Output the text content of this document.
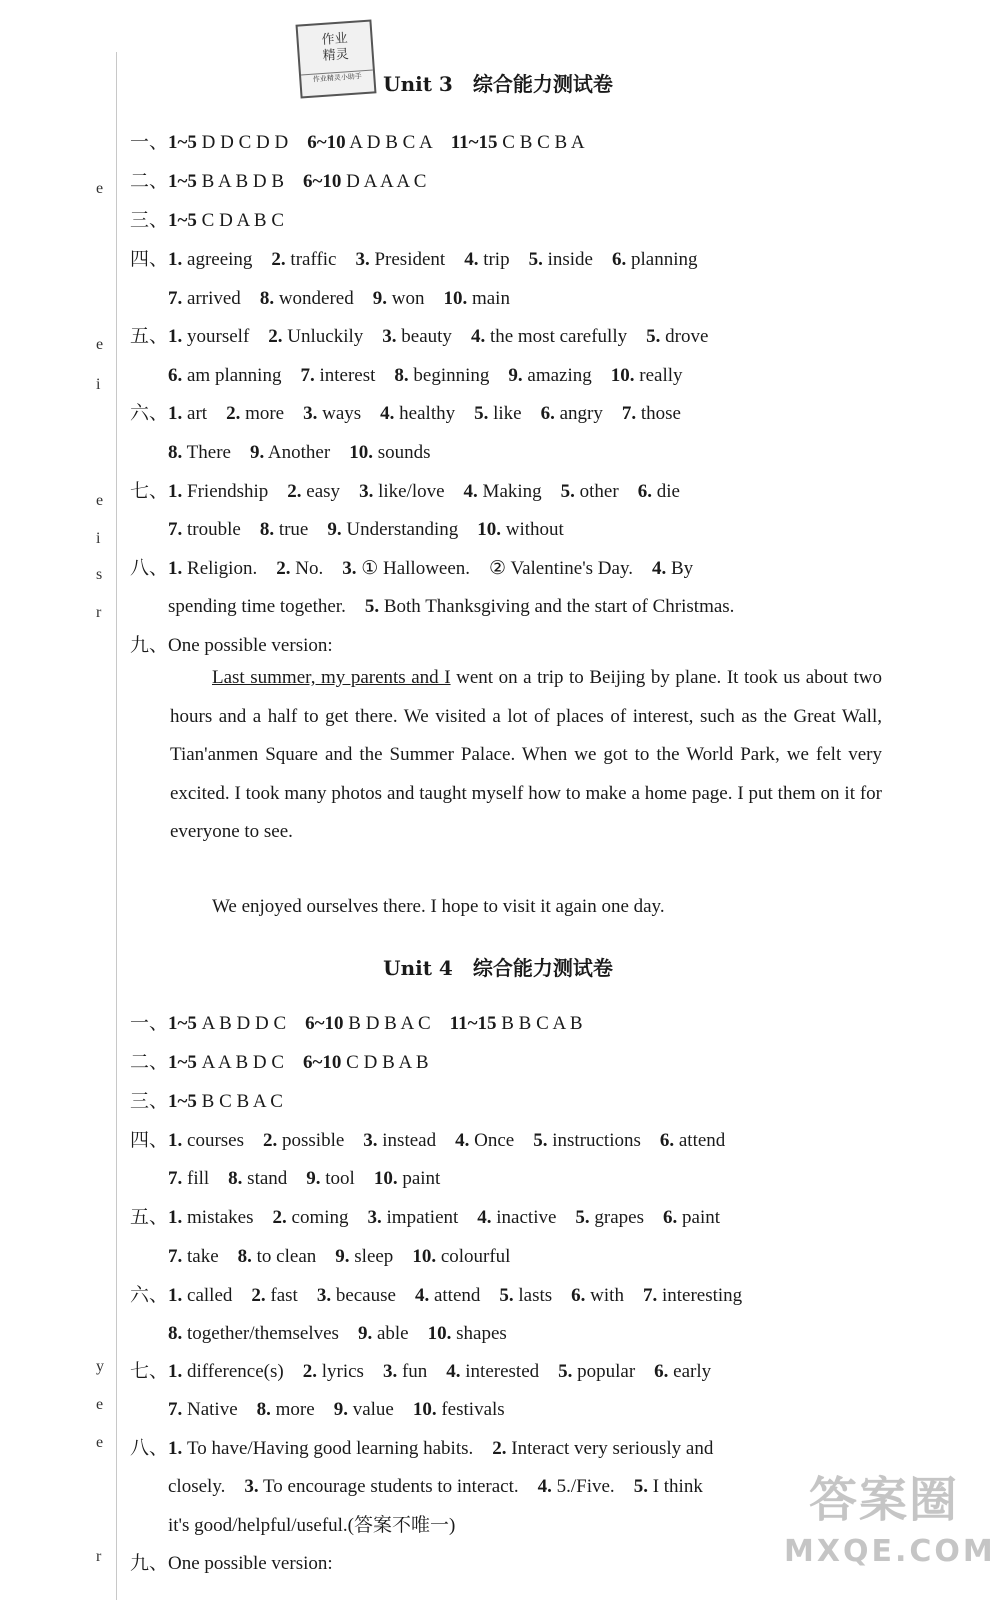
e
e
i
e
i
s
r
y
e
e
r
作业
精灵
作业精灵小助手	Unit 3　综合能力测试卷
一、1~5 D D C D D　6~10 A D B C A　11~15 C B C B A
二、1~5 B A B D B　6~10 D A A A C
三、1~5 C D A B C
四、1. agreeing　2. traffic　3. President　4. trip　5. inside　6. planning
7. arrived　8. wondered　9. won　10. main
五、1. yourself　2. Unluckily　3. beauty　4. the most carefully　5. drove
6. am planning　7. interest　8. beginning　9. amazing　10. really
六、1. art　2. more　3. ways　4. healthy　5. like　6. angry　7. those
8. There　9. Another　10. sounds
七、1. Friendship　2. easy　3. like/love　4. Making　5. other　6. die
7. trouble　8. true　9. Understanding　10. without
八、1. Religion.　2. No.　3. ① Halloween.　② Valentine's Day.　4. By
spending time together.　5. Both Thanksgiving and the start of Christmas.
九、One possible version:
Last summer, my parents and I went on a trip to Beijing by plane. It took us about two hours and a half to get there. We visited a lot of places of interest, such as the Great Wall, Tian'anmen Square and the Summer Palace. When we got to the World Park, we felt very excited. I took many photos and taught myself how to make a home page. I put them on it for everyone to see.
We enjoyed ourselves there. I hope to visit it again one day.
Unit 4　综合能力测试卷
一、1~5 A B D D C　6~10 B D B A C　11~15 B B C A B
二、1~5 A A B D C　6~10 C D B A B
三、1~5 B C B A C
四、1. courses　2. possible　3. instead　4. Once　5. instructions　6. attend
7. fill　8. stand　9. tool　10. paint
五、1. mistakes　2. coming　3. impatient　4. inactive　5. grapes　6. paint
7. take　8. to clean　9. sleep　10. colourful
六、1. called　2. fast　3. because　4. attend　5. lasts　6. with　7. interesting
8. together/themselves　9. able　10. shapes
七、1. difference(s)　2. lyrics　3. fun　4. interested　5. popular　6. early
7. Native　8. more　9. value　10. festivals
八、1. To have/Having good learning habits.　2. Interact very seriously and
closely.　3. To encourage students to interact.　4. 5./Five.　5. I think
it's good/helpful/useful.(答案不唯一)
九、One possible version:
答案圈
MXQE.COM
